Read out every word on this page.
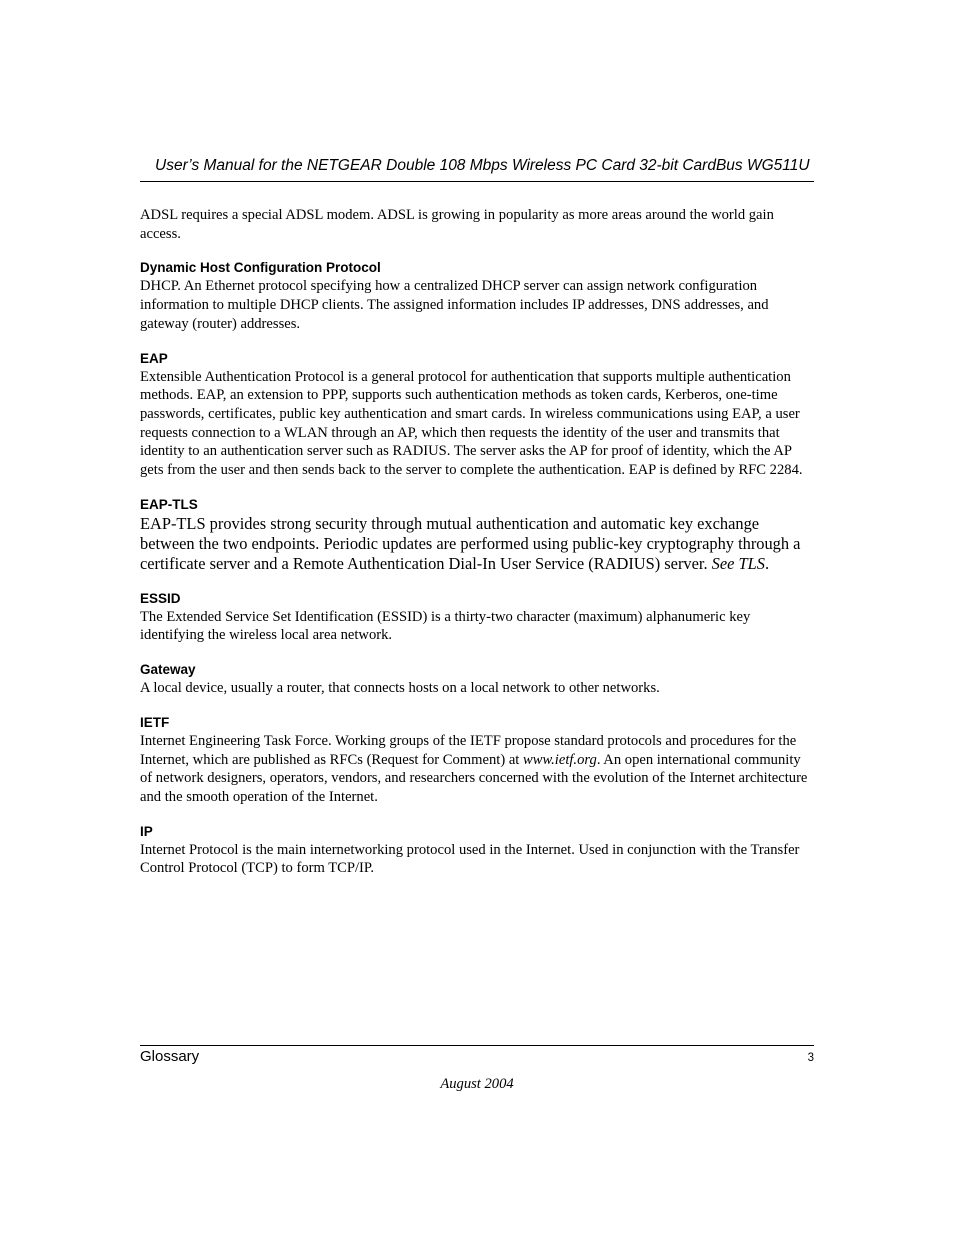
User’s Manual for the NETGEAR Double 108 Mbps Wireless PC Card 32-bit CardBus WG511U

ADSL requires a special ADSL modem. ADSL is growing in popularity as more areas around the world gain access.

Dynamic Host Configuration Protocol

DHCP. An Ethernet protocol specifying how a centralized DHCP server can assign network configuration information to multiple DHCP clients. The assigned information includes IP addresses, DNS addresses, and gateway (router) addresses.

EAP

Extensible Authentication Protocol is a general protocol for authentication that supports multiple authentication methods. EAP, an extension to PPP, supports such authentication methods as token cards, Kerberos, one-time passwords, certificates, public key authentication and smart cards. In wireless communications using EAP, a user requests connection to a WLAN through an AP, which then requests the identity of the user and transmits that identity to an authentication server such as RADIUS. The server asks the AP for proof of identity, which the AP gets from the user and then sends back to the server to complete the authentication. EAP is defined by RFC 2284.

EAP-TLS

EAP-TLS provides strong security through mutual authentication and automatic key exchange between the two endpoints. Periodic updates are performed using public-key cryptography through a certificate server and a Remote Authentication Dial-In User Service (RADIUS) server. See TLS.

ESSID

The Extended Service Set Identification (ESSID) is a thirty-two character (maximum) alphanumeric key identifying the wireless local area network.

Gateway

A local device, usually a router, that connects hosts on a local network to other networks.

IETF

Internet Engineering Task Force. Working groups of the IETF propose standard protocols and procedures for the Internet, which are published as RFCs (Request for Comment) at www.ietf.org. An open international community of network designers, operators, vendors, and researchers concerned with the evolution of the Internet architecture and the smooth operation of the Internet.

IP

Internet Protocol is the main internetworking protocol used in the Internet. Used in conjunction with the Transfer Control Protocol (TCP) to form TCP/IP.

Glossary	3
August 2004
